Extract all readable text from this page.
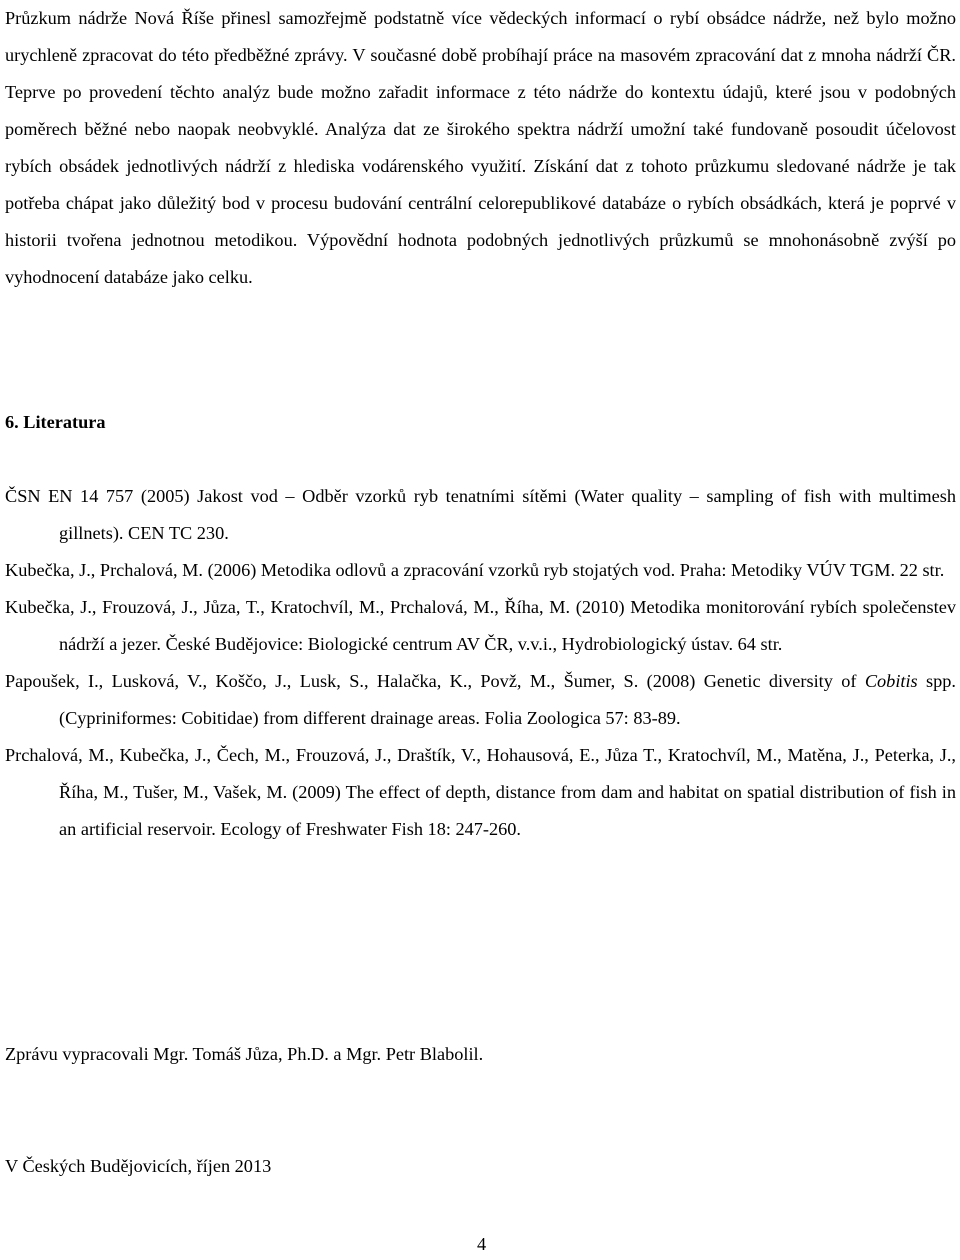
Průzkum nádrže Nová Říše přinesl samozřejmě podstatně více vědeckých informací o rybí obsádce nádrže, než bylo možno urychleně zpracovat do této předběžné zprávy. V současné době probíhají práce na masovém zpracování dat z mnoha nádrží ČR. Teprve po provedení těchto analýz bude možno zařadit informace z této nádrže do kontextu údajů, které jsou v podobných poměrech běžné nebo naopak neobvyklé. Analýza dat ze širokého spektra nádrží umožní také fundovaně posoudit účelovost rybích obsádek jednotlivých nádrží z hlediska vodárenského využití. Získání dat z tohoto průzkumu sledované nádrže je tak potřeba chápat jako důležitý bod v procesu budování centrální celorepublikové databáze o rybích obsádkách, která je poprvé v historii tvořena jednotnou metodikou. Výpovědní hodnota podobných jednotlivých průzkumů se mnohonásobně zvýší po vyhodnocení databáze jako celku.

6. Literatura

ČSN EN 14 757 (2005) Jakost vod – Odběr vzorků ryb tenatními sítěmi (Water quality – sampling of fish with multimesh gillnets). CEN TC 230.

Kubečka, J., Prchalová, M. (2006) Metodika odlovů a zpracování vzorků ryb stojatých vod. Praha: Metodiky VÚV TGM. 22 str.

Kubečka, J., Frouzová, J., Jůza, T., Kratochvíl, M., Prchalová, M., Říha, M. (2010) Metodika monitorování rybích společenstev nádrží a jezer. České Budějovice: Biologické centrum AV ČR, v.v.i., Hydrobiologický ústav. 64 str.

Papoušek, I., Lusková, V., Koščo, J., Lusk, S., Halačka, K., Povž, M., Šumer, S. (2008) Genetic diversity of Cobitis spp. (Cypriniformes: Cobitidae) from different drainage areas. Folia Zoologica 57: 83-89.

Prchalová, M., Kubečka, J., Čech, M., Frouzová, J., Draštík, V., Hohausová, E., Jůza T., Kratochvíl, M., Matěna, J., Peterka, J., Říha, M., Tušer, M., Vašek, M. (2009) The effect of depth, distance from dam and habitat on spatial distribution of fish in an artificial reservoir. Ecology of Freshwater Fish 18: 247-260.

Zprávu vypracovali Mgr. Tomáš Jůza, Ph.D. a Mgr. Petr Blabolil.

V Českých Budějovicích, říjen 2013

4
